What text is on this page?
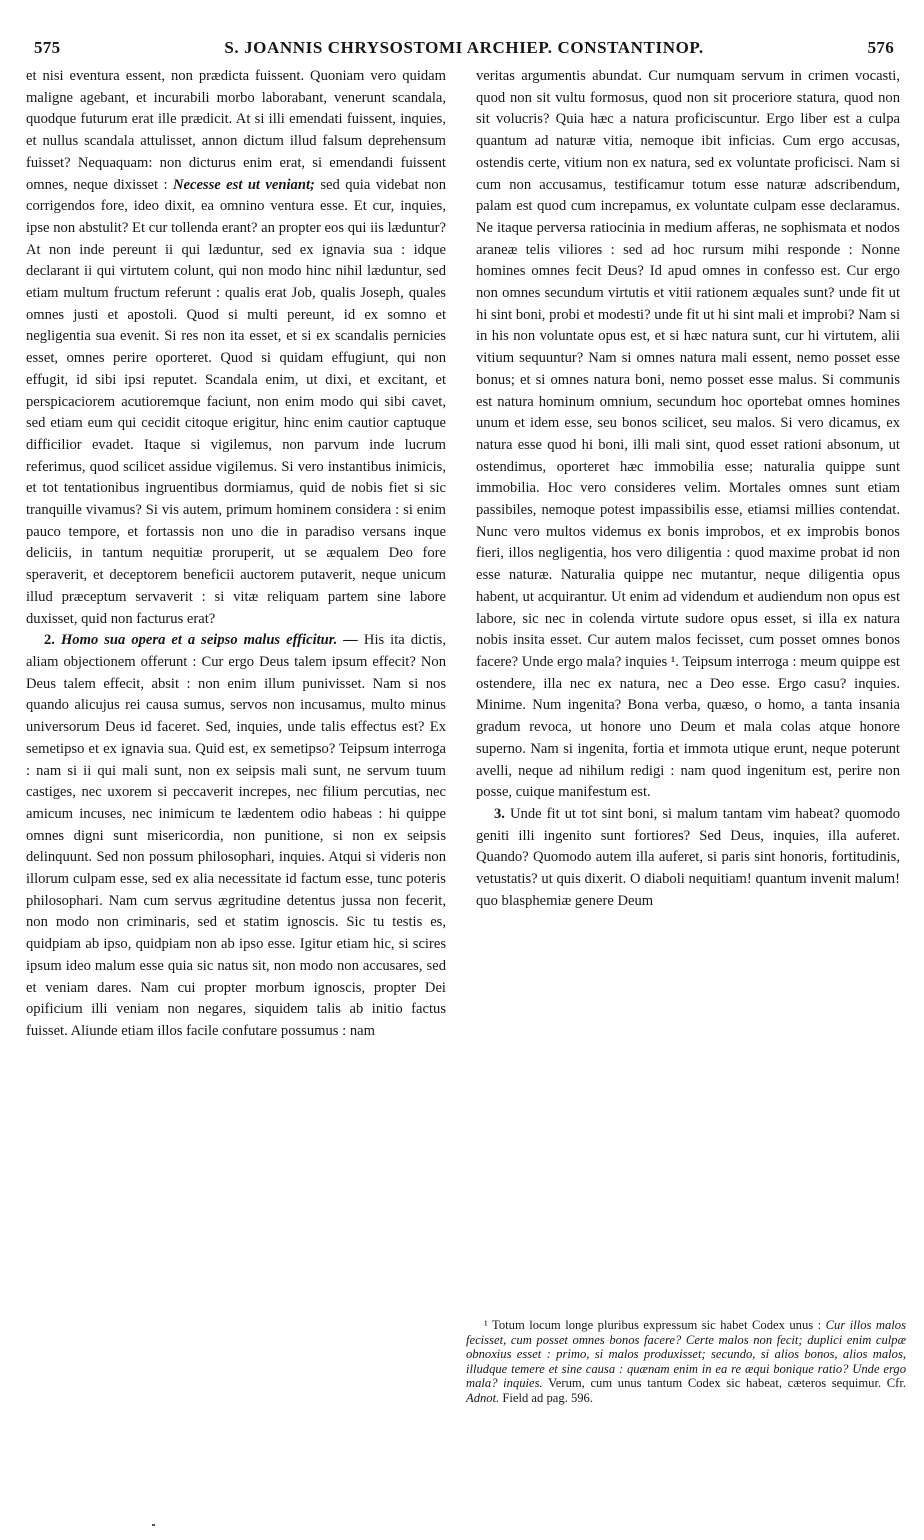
575	S. JOANNIS CHRYSOSTOMI ARCHIEP. CONSTANTINOP.	576

et nisi eventura essent, non prædicta fuissent. Quoniam vero quidam maligne agebant, et incurabili morbo laborabant, venerunt scandala, quodque futurum erat ille prædicit. At si illi emendati fuissent, inquies, et nullus scandala attulisset, annon dictum illud falsum deprehensum fuisset? Nequaquam: non dicturus enim erat, si emendandi fuissent omnes, neque dixisset : Necesse est ut veniant; sed quia videbat non corrigendos fore, ideo dixit, ea omnino ventura esse. Et cur, inquies, ipse non abstulit? Et cur tollenda erant? an propter eos qui iis læduntur? At non inde pereunt ii qui læduntur, sed ex ignavia sua : idque declarant ii qui virtutem colunt, qui non modo hinc nihil læduntur, sed etiam multum fructum referunt : qualis erat Job, qualis Joseph, quales omnes justi et apostoli. Quod si multi pereunt, id ex somno et negligentia sua evenit. Si res non ita esset, et si ex scandalis pernicies esset, omnes perire oporteret. Quod si quidam effugiunt, qui non effugit, id sibi ipsi reputet. Scandala enim, ut dixi, et excitant, et perspicaciorem acutioremque faciunt, non enim modo qui sibi cavet, sed etiam eum qui cecidit citoque erigitur, hinc enim cautior captuque difficilior evadet. Itaque si vigilemus, non parvum inde lucrum referimus, quod scilicet assidue vigilemus. Si vero instantibus inimicis, et tot tentationibus ingruentibus dormiamus, quid de nobis fiet si sic tranquille vivamus? Si vis autem, primum hominem considera : si enim pauco tempore, et fortassis non uno die in paradiso versans inque deliciis, in tantum nequitiæ proruperit, ut se æqualem Deo fore speraverit, et deceptorem beneficii auctorem putaverit, neque unicum illud præceptum servaverit : si vitæ reliquam partem sine labore duxisset, quid non facturus erat?

2. Homo sua opera et a seipso malus efficitur. — His ita dictis, aliam objectionem offerunt : Cur ergo Deus talem ipsum effecit? Non Deus talem effecit, absit : non enim illum punivisset. Nam si nos quando alicujus rei causa sumus, servos non incusamus, multo minus universorum Deus id faceret. Sed, inquies, unde talis effectus est? Ex semetipso et ex ignavia sua. Quid est, ex semetipso? Teipsum interroga : nam si ii qui mali sunt, non ex seipsis mali sunt, ne servum tuum castiges, nec uxorem si peccaverit increpes, nec filium percutias, nec amicum incuses, nec inimicum te lædentem odio habeas : hi quippe omnes digni sunt misericordia, non punitione, si non ex seipsis delinquunt. Sed non possum philosophari, inquies. Atqui si videris non illorum culpam esse, sed ex alia necessitate id factum esse, tunc poteris philosophari. Nam cum servus ægritudine detentus jussa non fecerit, non modo non criminaris, sed et statim ignoscis. Sic tu testis es, quidpiam ab ipso, quidpiam non ab ipso esse. Igitur etiam hic, si scires ipsum ideo malum esse quia sic natus sit, non modo non accusares, sed et veniam dares. Nam cui propter morbum ignoscis, propter Dei opificium illi veniam non negares, siquidem talis ab initio factus fuisset. Aliunde etiam illos facile confutare possumus : nam

veritas argumentis abundat. Cur numquam servum in crimen vocasti, quod non sit vultu formosus, quod non sit proceriore statura, quod non sit volucris? Quia hæc a natura proficiscuntur. Ergo liber est a culpa quantum ad naturæ vitia, nemoque ibit inficias. Cum ergo accusas, ostendis certe, vitium non ex natura, sed ex voluntate proficisci. Nam si cum non accusamus, testificamur totum esse naturæ adscribendum, palam est quod cum increpamus, ex voluntate culpam esse declaramus. Ne itaque perversa ratiocinia in medium afferas, ne sophismata et nodos araneæ telis viliores : sed ad hoc rursum mihi responde : Nonne homines omnes fecit Deus? Id apud omnes in confesso est. Cur ergo non omnes secundum virtutis et vitii rationem æquales sunt? unde fit ut hi sint boni, probi et modesti? unde fit ut hi sint mali et improbi? Nam si in his non voluntate opus est, et si hæc natura sunt, cur hi virtutem, alii vitium sequuntur? Nam si omnes natura mali essent, nemo posset esse bonus; et si omnes natura boni, nemo posset esse malus. Si communis est natura hominum omnium, secundum hoc oportebat omnes homines unum et idem esse, seu bonos scilicet, seu malos. Si vero dicamus, ex natura esse quod hi boni, illi mali sint, quod esset rationi absonum, ut ostendimus, oporteret hæc immobilia esse; naturalia quippe sunt immobilia. Hoc vero consideres velim. Mortales omnes sunt etiam passibiles, nemoque potest impassibilis esse, etiamsi millies contendat. Nunc vero multos videmus ex bonis improbos, et ex improbis bonos fieri, illos negligentia, hos vero diligentia : quod maxime probat id non esse naturæ. Naturalia quippe nec mutantur, neque diligentia opus habent, ut acquirantur. Ut enim ad videndum et audiendum non opus est labore, sic nec in colenda virtute sudore opus esset, si illa ex natura nobis insita esset. Cur autem malos fecisset, cum posset omnes bonos facere? Unde ergo mala? inquies ¹. Teipsum interroga : meum quippe est ostendere, illa nec ex natura, nec a Deo esse. Ergo casu? inquies. Minime. Num ingenita? Bona verba, quæso, o homo, a tanta insania gradum revoca, ut honore uno Deum et mala colas atque honore superno. Nam si ingenita, fortia et immota utique erunt, neque poterunt avelli, neque ad nihilum redigi : nam quod ingenitum est, perire non posse, cuique manifestum est.

3. Unde fit ut tot sint boni, si malum tantam vim habeat? quomodo geniti illi ingenito sunt fortiores? Sed Deus, inquies, illa auferet. Quando? Quomodo autem illa auferet, si paris sint honoris, fortitudinis, vetustatis? ut quis dixerit. O diaboli nequitiam! quantum invenit malum! quo blasphemiæ genere Deum

¹ Totum locum longe pluribus expressum sic habet Codex unus : Cur illos malos fecisset, cum posset omnes bonos facere? Certe malos non fecit; duplici enim culpæ obnoxius esset : primo, si malos produxisset; secundo, si alios bonos, alios malos, illudque temere et sine causa : quænam enim in ea re æqui bonique ratio? Unde ergo mala? inquies. Verum, cum unus tantum Codex sic habeat, cæteros sequimur. Cfr. Adnot. Field ad pag. 596.
